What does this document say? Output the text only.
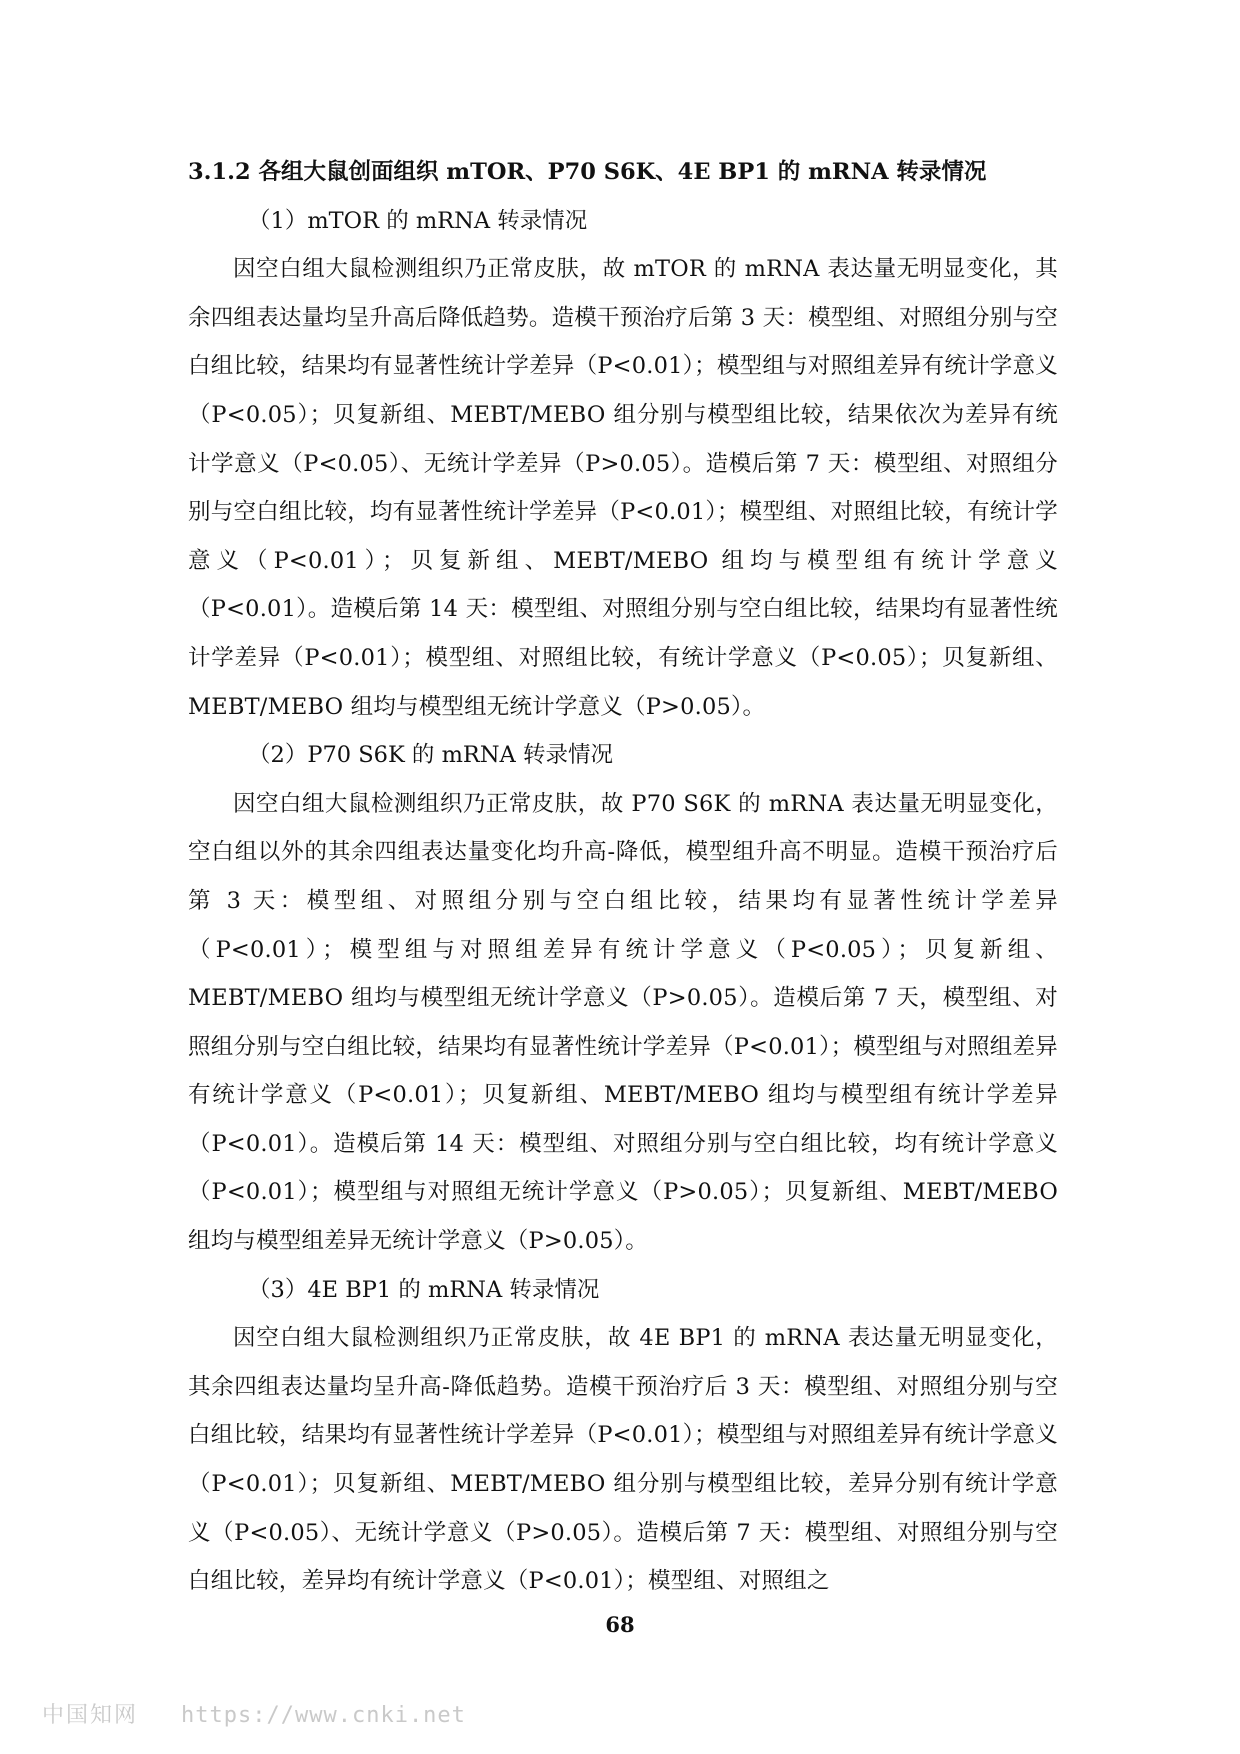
3.1.2 各组大鼠创面组织 mTOR、P70 S6K、4E BP1 的 mRNA 转录情况

（1）mTOR 的 mRNA 转录情况

因空白组大鼠检测组织乃正常皮肤，故 mTOR 的 mRNA 表达量无明显变化，其余四组表达量均呈升高后降低趋势。造模干预治疗后第 3 天：模型组、对照组分别与空白组比较，结果均有显著性统计学差异（P<0.01）；模型组与对照组差异有统计学意义（P<0.05）；贝复新组、MEBT/MEBO 组分别与模型组比较，结果依次为差异有统计学意义（P<0.05）、无统计学差异（P>0.05）。造模后第 7 天：模型组、对照组分别与空白组比较，均有显著性统计学差异（P<0.01）；模型组、对照组比较，有统计学意义（P<0.01）；贝复新组、MEBT/MEBO 组均与模型组有统计学意义（P<0.01）。造模后第 14 天：模型组、对照组分别与空白组比较，结果均有显著性统计学差异（P<0.01）；模型组、对照组比较，有统计学意义（P<0.05）；贝复新组、MEBT/MEBO 组均与模型组无统计学意义（P>0.05）。

（2）P70 S6K 的 mRNA 转录情况

因空白组大鼠检测组织乃正常皮肤，故 P70 S6K 的 mRNA 表达量无明显变化，空白组以外的其余四组表达量变化均升高-降低，模型组升高不明显。造模干预治疗后第 3 天：模型组、对照组分别与空白组比较，结果均有显著性统计学差异（P<0.01）；模型组与对照组差异有统计学意义（P<0.05）；贝复新组、MEBT/MEBO 组均与模型组无统计学意义（P>0.05）。造模后第 7 天，模型组、对照组分别与空白组比较，结果均有显著性统计学差异（P<0.01）；模型组与对照组差异有统计学意义（P<0.01）；贝复新组、MEBT/MEBO 组均与模型组有统计学差异（P<0.01）。造模后第 14 天：模型组、对照组分别与空白组比较，均有统计学意义（P<0.01）；模型组与对照组无统计学意义（P>0.05）；贝复新组、MEBT/MEBO 组均与模型组差异无统计学意义（P>0.05）。

（3）4E BP1 的 mRNA 转录情况

因空白组大鼠检测组织乃正常皮肤，故 4E BP1 的 mRNA 表达量无明显变化，其余四组表达量均呈升高-降低趋势。造模干预治疗后 3 天：模型组、对照组分别与空白组比较，结果均有显著性统计学差异（P<0.01）；模型组与对照组差异有统计学意义（P<0.01）；贝复新组、MEBT/MEBO 组分别与模型组比较，差异分别有统计学意义（P<0.05）、无统计学意义（P>0.05）。造模后第 7 天：模型组、对照组分别与空白组比较，差异均有统计学意义（P<0.01）；模型组、对照组之

68
中国知网 https://www.cnki.net
